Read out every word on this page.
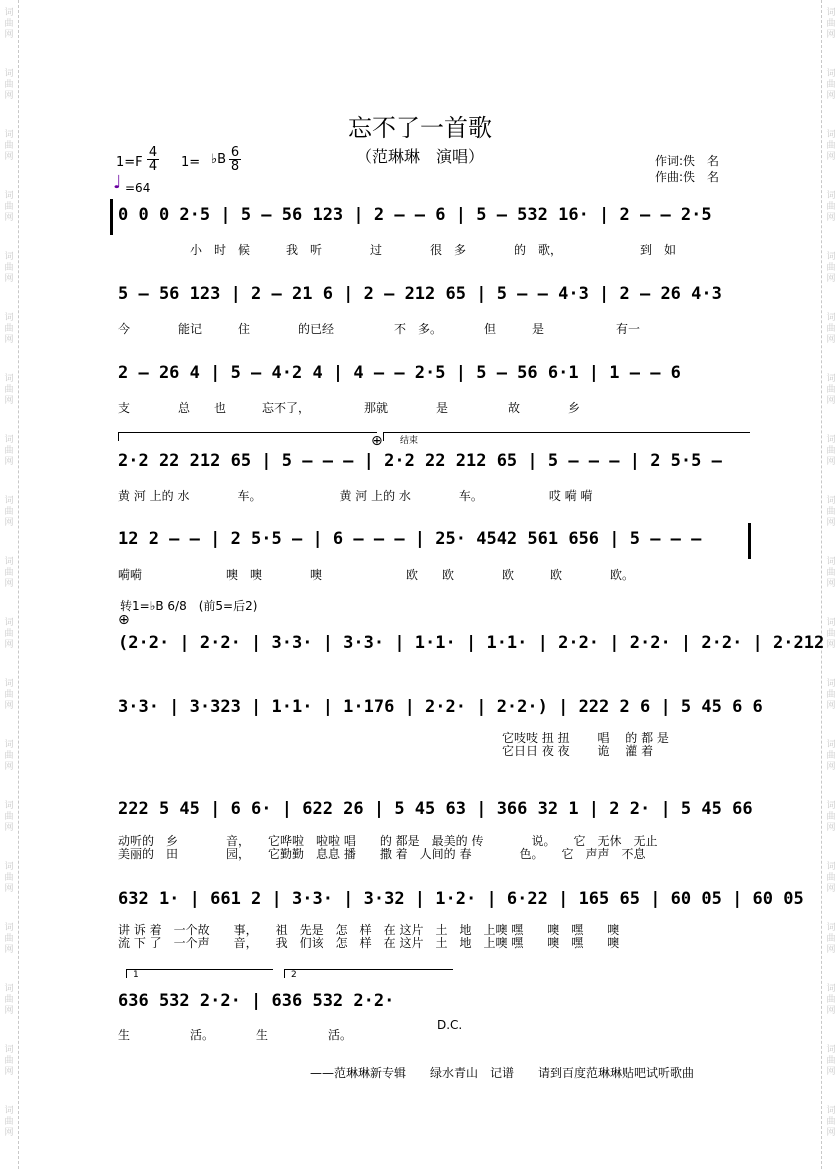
词
曲
网
词
曲
网
词
曲
网
词
曲
网
词
曲
网
词
曲
网
词
曲
网
词
曲
网
词
曲
网
词
曲
网
词
曲
网
词
曲
网
词
曲
网
词
曲
网
词
曲
网
词
曲
网
词
曲
网
词
曲
网
词
曲
网
词
曲
网
词
曲
网
词
曲
网
词
曲
网
词
曲
网
词
曲
网
词
曲
网
词
曲
网
词
曲
网
词
曲
网
词
曲
网
词
曲
网
词
曲
网
词
曲
网
词
曲
网
词
曲
网
词
曲
网
词
曲
网
词
曲
网
忘不了一首歌
（范琳琳　演唱）	作词:佚　名
作曲:佚　名
$1=F \frac{4}{4} 1=$ ♭B $\frac{6}{8}$
♩ =64
0 0 0 2·5 | 5 – 56 123 | 2 – – 6 | 5 – 532 16· | 2 – – 2·5
　　　　　　小　时　候　　　我　听　　　　过　　　　很　多　　　　的　歌，　　　　　　　到　如
5 – 56 123 | 2 – 21 6 | 2 – 212 65 | 5 – – 4·3 | 2 – 26 4·3
今　　　　能记　　　住　　　　的已经　　　　　不　多。　　　　但　　　是　　　　　　有一
2 – 26 4 | 5 – 4·2 4 | 4 – – 2·5 | 5 – 56 6·1 | 1 – – 6
支　　　　总　　也　　　忘不了，　　　　　那就　　　　是　　　　　故　　　　乡
结束
⊕
2·2 22 212 65 | 5 – – – | 2·2 22 212 65 | 5 – – – | 2 5·5 –
黄 河 上的 水　　　　车。　　　　　　　黄 河 上的 水　　　　车。　　　　　　哎 嗬 嗬
12 2 – – | 2 5·5 – | 6 – – – | 25· 4542 561 656 | 5 – – –
嗬嗬　　　　　　　噢　噢　　　　噢　　　　　　　欧　　欧　　　　欧　　　欧　　　　欧。
转1=♭B 6/8　(前5=后2)
⊕
(2·2· | 2·2· | 3·3· | 3·3· | 1·1· | 1·1· | 2·2· | 2·2· | 2·2· | 2·212
3·3· | 3·323 | 1·1· | 1·176 | 2·2· | 2·2·) | 222 2 6 | 5 45 6 6
　　　　　　　　　　　　　　　　　　　　　　　　　　　　　　　　它吱吱 扭 扭　　 唱　 的 都 是
　　　　　　　　　　　　　　　　　　　　　　　　　　　　　　　　它日日 夜 夜　　 诡　 灌 着
222 5 45 | 6 6· | 622 26 | 5 45 63 | 366 32 1 | 2 2· | 5 45 66
动听的　乡　　　　音，　　它哗啦　啦啦 唱　　的 都是　最美的 传　　　　说。　　它　无休　无止
美丽的　田　　　　园，　　它勤勤　息息 播　　撒 着　人间的 春　　　　色。　　它　声声　不息
632 1· | 661 2 | 3·3· | 3·32 | 1·2· | 6·22 | 165 65 | 60 05 | 60 05
讲 诉 着　一个故　　事，　　祖　先是　怎　样　在 这片　土　地　上噢 嘿　　噢　嘿　　噢
流 下 了　一个声　　音，　　我　们该　怎　样　在 这片　土　地　上噢 嘿　　噢　嘿　　噢
1	2
636 532 2·2· | 636 532 2·2·
生　　　　　活。　　　　生　　　　　活。
D.C.
——范琳琳新专辑　　绿水青山　记谱　　请到百度范琳琳贴吧试听歌曲
